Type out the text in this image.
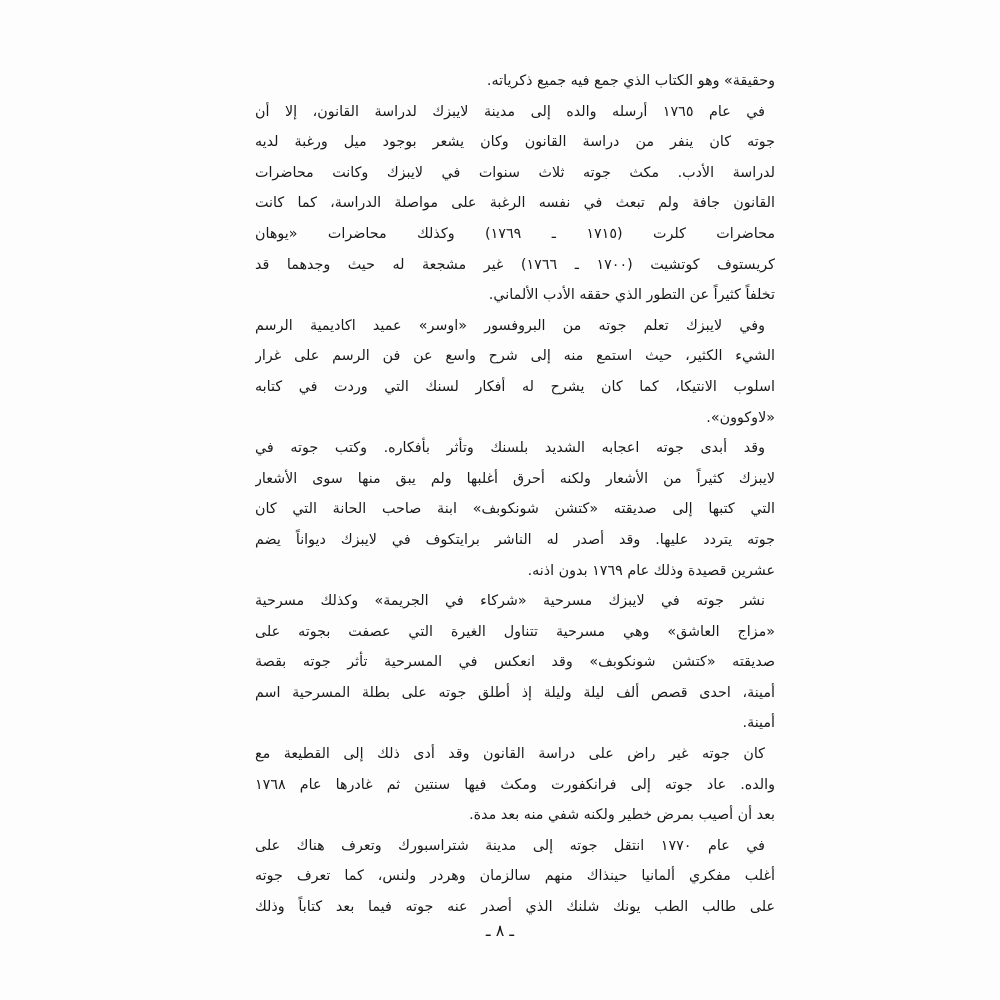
وحقيقة» وهو الكتاب الذي جمع فيه جميع ذكرياته.
في عام ١٧٦٥ أرسله والده إلى مدينة لايبزك لدراسة القانون، إلا أن
جوته كان ينفر من دراسة القانون وكان يشعر بوجود ميل ورغبة لديه
لدراسة الأدب. مكث جوته ثلاث سنوات في لايبزك وكانت محاضرات
القانون جافة ولم تبعث في نفسه الرغبة على مواصلة الدراسة، كما كانت
محاضرات كلرت (١٧١٥ ـ ١٧٦٩) وكذلك محاضرات «يوهان
كريستوف كوتشيت (١٧٠٠ ـ ١٧٦٦) غير مشجعة له حيث وجدهما قد
تخلفاً كثيراً عن التطور الذي حققه الأدب الألماني.
وفي لايبزك تعلم جوته من البروفسور «اوسر» عميد اكاديمية الرسم
الشيء الكثير، حيث استمع منه إلى شرح واسع عن فن الرسم على غرار
اسلوب الانتيكا، كما كان يشرح له أفكار لسنك التي وردت في كتابه
«لاوكوون».
وقد أبدى جوته اعجابه الشديد بلسنك وتأثر بأفكاره. وكتب جوته في
لايبزك كثيراً من الأشعار ولكنه أحرق أغلبها ولم يبق منها سوى الأشعار
التي كتبها إلى صديقته «كتشن شونكوبف» ابنة صاحب الحانة التي كان
جوته يتردد عليها. وقد أصدر له الناشر برايتكوف في لايبزك ديواناً يضم
عشرين قصيدة وذلك عام ١٧٦٩ بدون اذنه.
نشر جوته في لايبزك مسرحية «شركاء في الجريمة» وكذلك مسرحية
«مزاج العاشق» وهي مسرحية تتناول الغيرة التي عصفت بجوته على
صديقته «كتشن شونكوبف» وقد انعكس في المسرحية تأثر جوته بقصة
أمينة، احدى قصص ألف ليلة وليلة إذ أطلق جوته على بطلة المسرحية اسم
أمينة.
كان جوته غير راض على دراسة القانون وقد أدى ذلك إلى القطيعة مع
والده. عاد جوته إلى فرانكفورت ومكث فيها سنتين ثم غادرها عام ١٧٦٨
بعد أن أصيب بمرض خطير ولكنه شفي منه بعد مدة.
في عام ١٧٧٠ انتقل جوته إلى مدينة شتراسبورك وتعرف هناك على
أغلب مفكري ألمانيا حينذاك منهم سالزمان وهردر ولنس، كما تعرف جوته
على طالب الطب يونك شلنك الذي أصدر عنه جوته فيما بعد كتاباً وذلك
ـ ٨ ـ
